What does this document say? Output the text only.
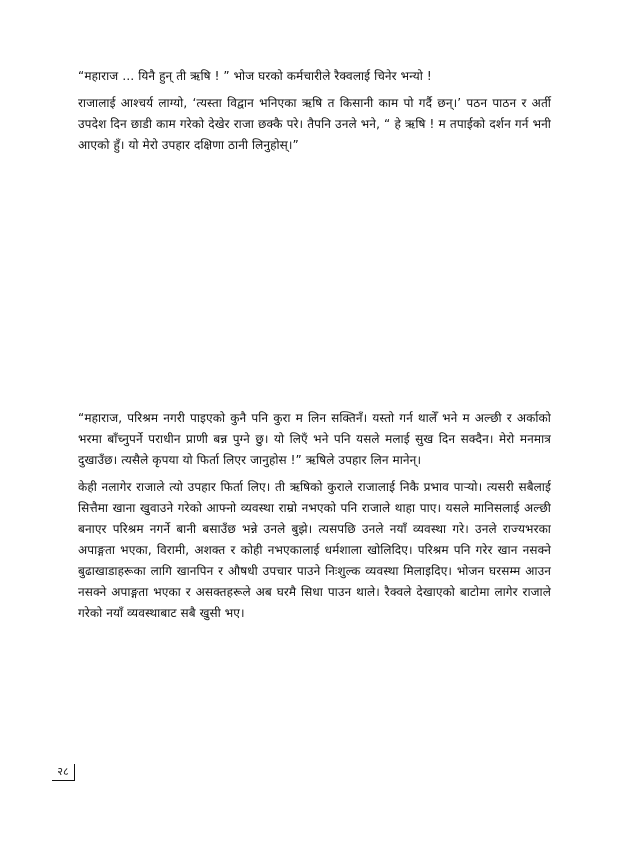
“महाराज … यिनै हुन् ती ऋषि ! ” भोज घरको कर्मचारीले रैक्वलाई चिनेर भन्यो !

राजालाई आश्चर्य लाग्यो, ‘त्यस्ता विद्वान भनिएका ऋषि त किसानी काम पो गर्दै छन्।’ पठन पाठन र अर्ती उपदेश दिन छाडी काम गरेको देखेर राजा छक्कै परे। तैपनि उनले भने, “ हे ऋषि ! म तपाईको दर्शन गर्न भनी आएको हुँ। यो मेरो उपहार दक्षिणा ठानी लिनुहोस्।”

“महाराज, परिश्रम नगरी पाइएको कुनै पनि कुरा म लिन सक्तिनँ। यस्तो गर्न थालेँ भने म अल्छी र अर्काको भरमा बाँच्नुपर्ने पराधीन प्राणी बन्न पुग्ने छु। यो लिएँ भने पनि यसले मलाई सुख दिन सक्दैन। मेरो मनमात्र दुखाउँछ। त्यसैले कृपया यो फिर्ता लिएर जानुहोस !” ऋषिले उपहार लिन मानेन्।

केही नलागेर राजाले त्यो उपहार फिर्ता लिए। ती ऋषिको कुराले राजालाई निकै प्रभाव पाऱ्यो। त्यसरी सबैलाई सित्तैमा खाना खुवाउने गरेको आफ्नो व्यवस्था राम्रो नभएको पनि राजाले थाहा पाए। यसले मानिसलाई अल्छी बनाएर परिश्रम नगर्ने बानी बसाउँछ भन्ने उनले बुझे। त्यसपछि उनले नयाँ व्यवस्था गरे। उनले राज्यभरका अपाङ्गता भएका, विरामी, अशक्त र कोही नभएकालाई धर्मशाला खोलिदिए। परिश्रम पनि गरेर खान नसक्ने बुढाखाडाहरूका लागि खानपिन र औषधी उपचार पाउने निःशुल्क व्यवस्था मिलाइदिए। भोजन घरसम्म आउन नसक्ने अपाङ्गता भएका र असक्तहरूले अब घरमै सिधा पाउन थाले। रैक्वले देखाएको बाटोमा लागेर राजाले गरेको नयाँ व्यवस्थाबाट सबै खुसी भए।

२८
